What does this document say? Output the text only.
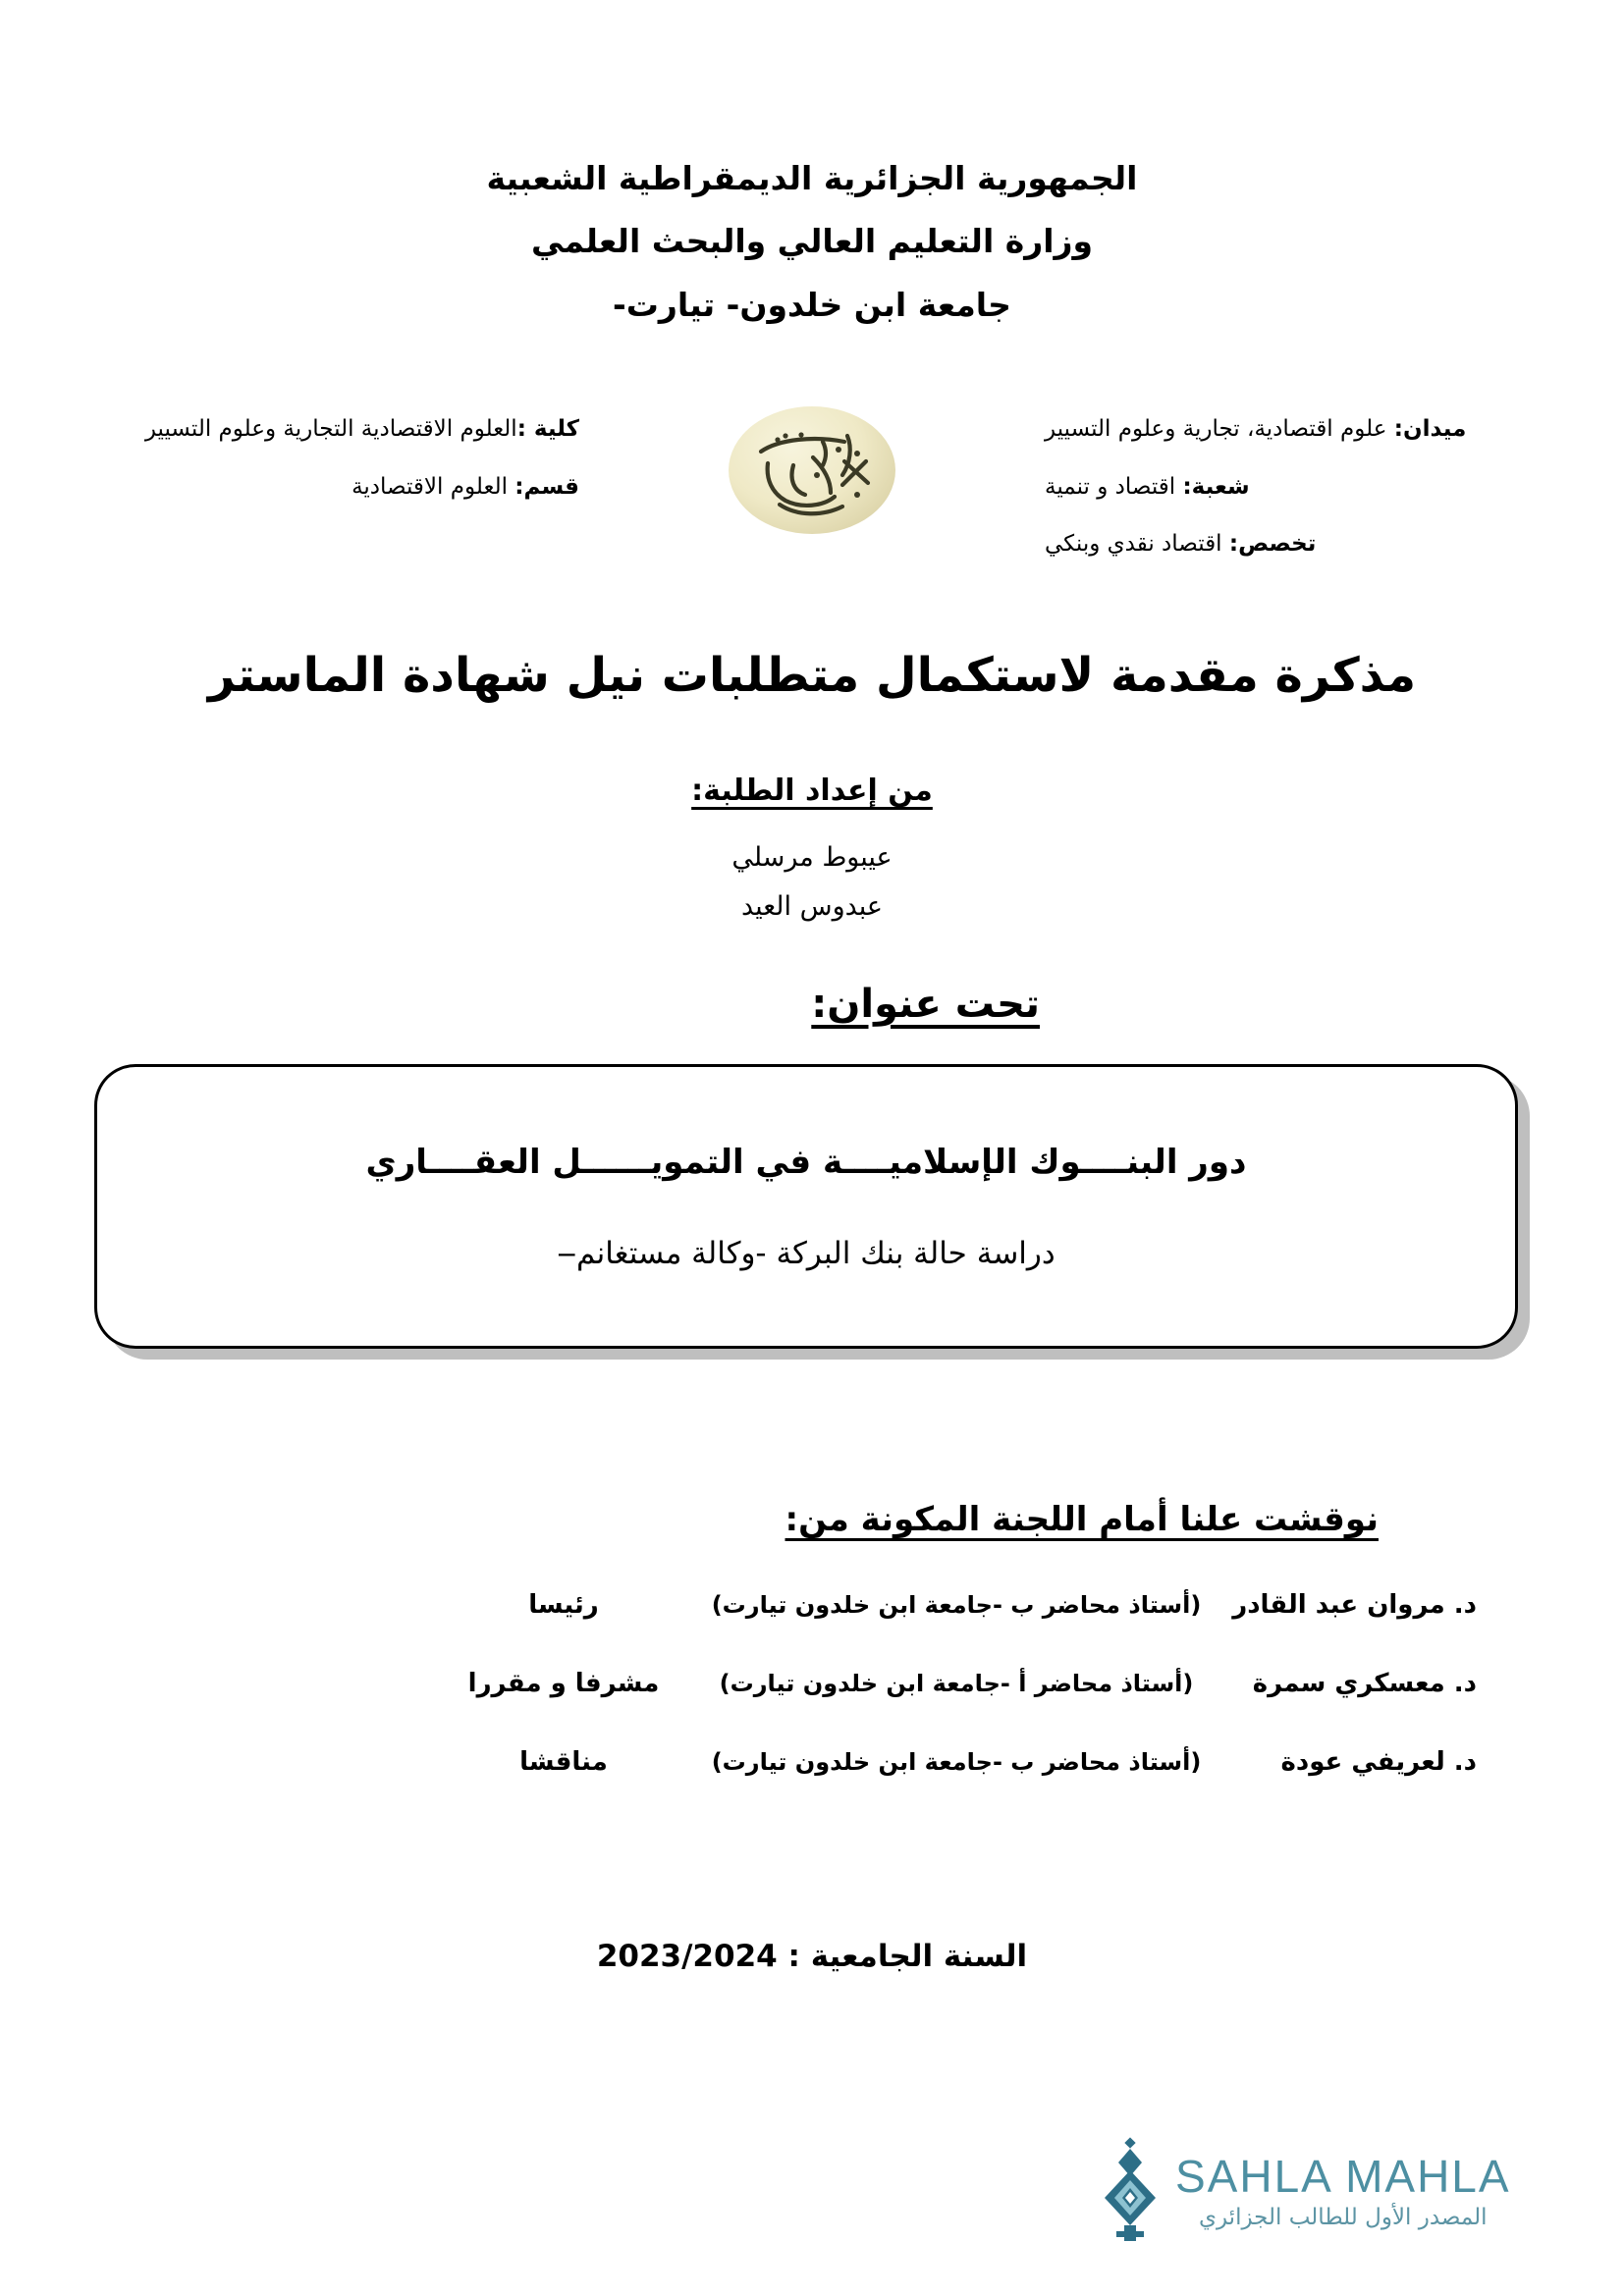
الجمهورية الجزائرية الديمقراطية الشعبية
وزارة التعليم العالي والبحث العلمي
جامعة ابن خلدون- تيارت-
كلية :العلوم الاقتصادية التجارية وعلوم التسيير
قسم: العلوم الاقتصادية
ميدان: علوم اقتصادية، تجارية وعلوم التسيير
شعبة: اقتصاد و تنمية
تخصص: اقتصاد نقدي وبنكي
مذكرة مقدمة لاستكمال متطلبات نيل شهادة الماستر
من إعداد الطلبة:
عيبوط مرسلي
عبدوس العيد
تحت عنوان:
دور البنــــوك الإسلاميــــة في التمويــــــل العقــــاري
دراسة حالة بنك البركة -وكالة مستغانم‒
نوقشت علنا أمام اللجنة المكونة من:
د. مروان عبد القادر
(أستاذ محاضر ب -جامعة ابن خلدون تيارت)
رئيسا
د. معسكري سمرة
(أستاذ محاضر أ -جامعة ابن خلدون تيارت)
مشرفا و مقررا
د. لعريفي عودة
(أستاذ محاضر ب -جامعة ابن خلدون تيارت)
مناقشا
السنة الجامعية : 2023/2024
SAHLA MAHLA
المصدر الأول للطالب الجزائري
